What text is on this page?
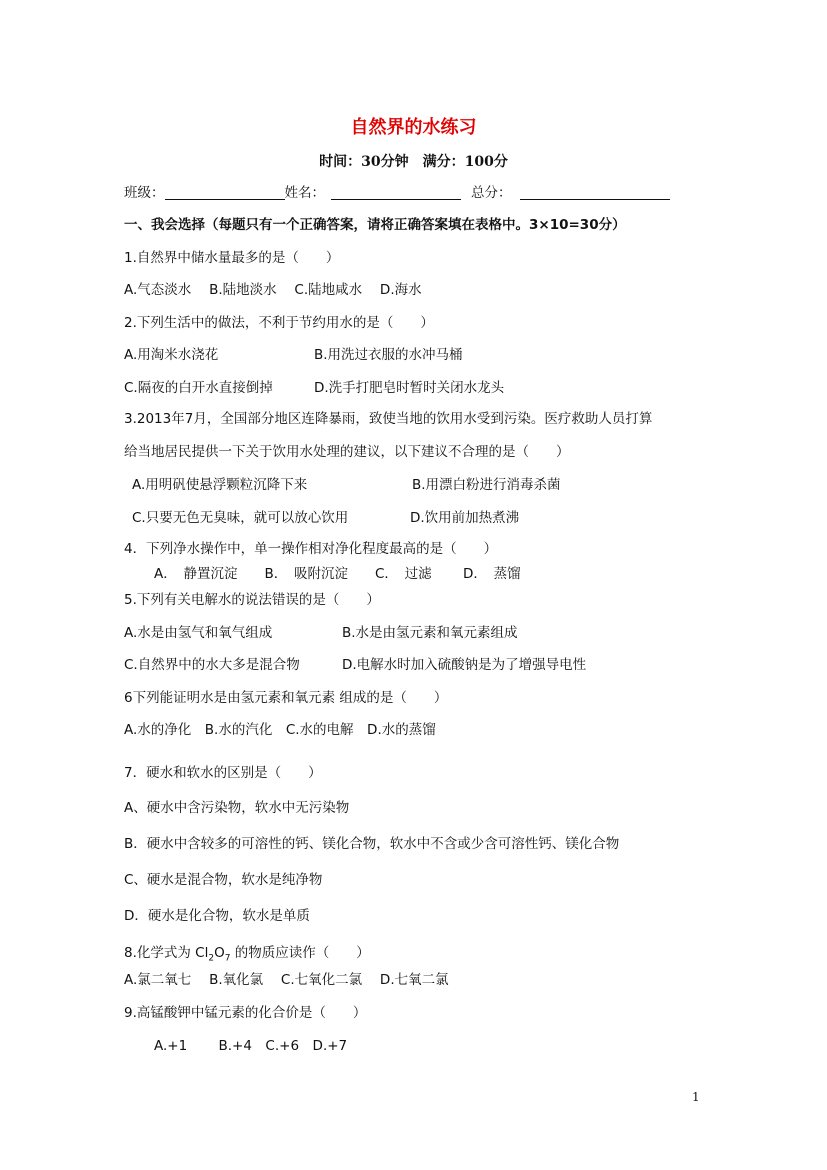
自然界的水练习
时间：30分钟　满分：100分
班级：	姓名：	总分：
一、我会选择（每题只有一个正确答案，请将正确答案填在表格中。3×10=30分）
1.自然界中储水量最多的是（　　）
A.气态淡水　 B.陆地淡水　 C.陆地咸水　 D.海水
2.下列生活中的做法，不利于节约用水的是（　　）
A.用淘米水浇花	B.用洗过衣服的水冲马桶
C.隔夜的白开水直接倒掉	D.洗手打肥皂时暂时关闭水龙头
3.2013年7月，全国部分地区连降暴雨，致使当地的饮用水受到污染。医疗救助人员打算
给当地居民提供一下关于饮用水处理的建议，以下建议不合理的是（　　）
A.用明矾使悬浮颗粒沉降下来	B.用漂白粉进行消毒杀菌
C.只要无色无臭味，就可以放心饮用	D.饮用前加热煮沸
4．下列净水操作中，单一操作相对净化程度最高的是（　　）
A．　静置沉淀　　B．　吸附沉淀　　C．　过滤　　 D．　蒸馏
5.下列有关电解水的说法错误的是（　　）
A.水是由氢气和氧气组成	B.水是由氢元素和氧元素组成
C.自然界中的水大多是混合物	D.电解水时加入硫酸钠是为了增强导电性
6下列能证明水是由氢元素和氧元素 组成的是（　　）
A.水的净化　B.水的汽化　C.水的电解　D.水的蒸馏
7．硬水和软水的区别是（　　）
A、硬水中含污染物，软水中无污染物
B．硬水中含较多的可溶性的钙、镁化合物，软水中不含或少含可溶性钙、镁化合物
C、硬水是混合物，软水是纯净物
D．硬水是化合物，软水是单质
8.化学式为 $Cl_2O_7$ 的物质应读作（　　）
A.氯二氧七　 B.氧化氯　 C.七氧化二氯　 D.七氧二氯
9.高锰酸钾中锰元素的化合价是（　　）
A.+1　　 B.+4　C.+6　D.+7
1
